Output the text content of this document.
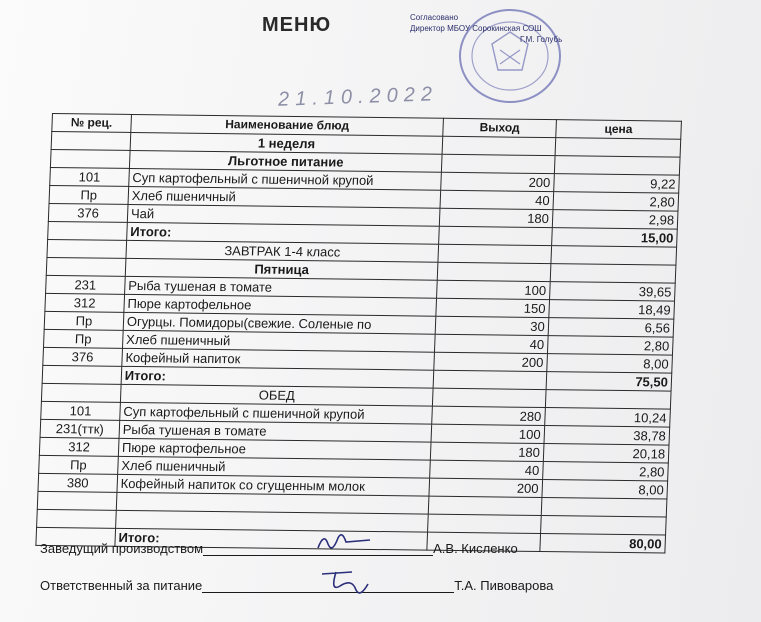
МЕНЮ	Согласовано
Директор МБОУ Сорокинская СОШ
Г.М. Голубь
21.10.2022
№ рец.	Наименование блюд	Выход	цена
	1 неделя		
	Льготное питание		
101	Суп картофельный с пшеничной крупой	200	9,22
Пр	Хлеб пшеничный	40	2,80
376	Чай	180	2,98
	Итого:		15,00
	ЗАВТРАК 1-4 класс		
	Пятница		
231	Рыба тушеная в томате	100	39,65
312	Пюре картофельное	150	18,49
Пр	Огурцы. Помидоры(свежие. Соленые по	30	6,56
Пр	Хлеб пшеничный	40	2,80
376	Кофейный напиток	200	8,00
	Итого:		75,50
	ОБЕД		
101	Суп картофельный с пшеничной крупой	280	10,24
231(ттк)	Рыба тушеная в томате	100	38,78
312	Пюре картофельное	180	20,18
Пр	Хлеб пшеничный	40	2,80
380	Кофейный напиток со сгущенным молок	200	8,00

	Итого:		80,00
Заведущий производством	А.В. Кисленко
Ответственный за питание	Т.А. Пивоварова
